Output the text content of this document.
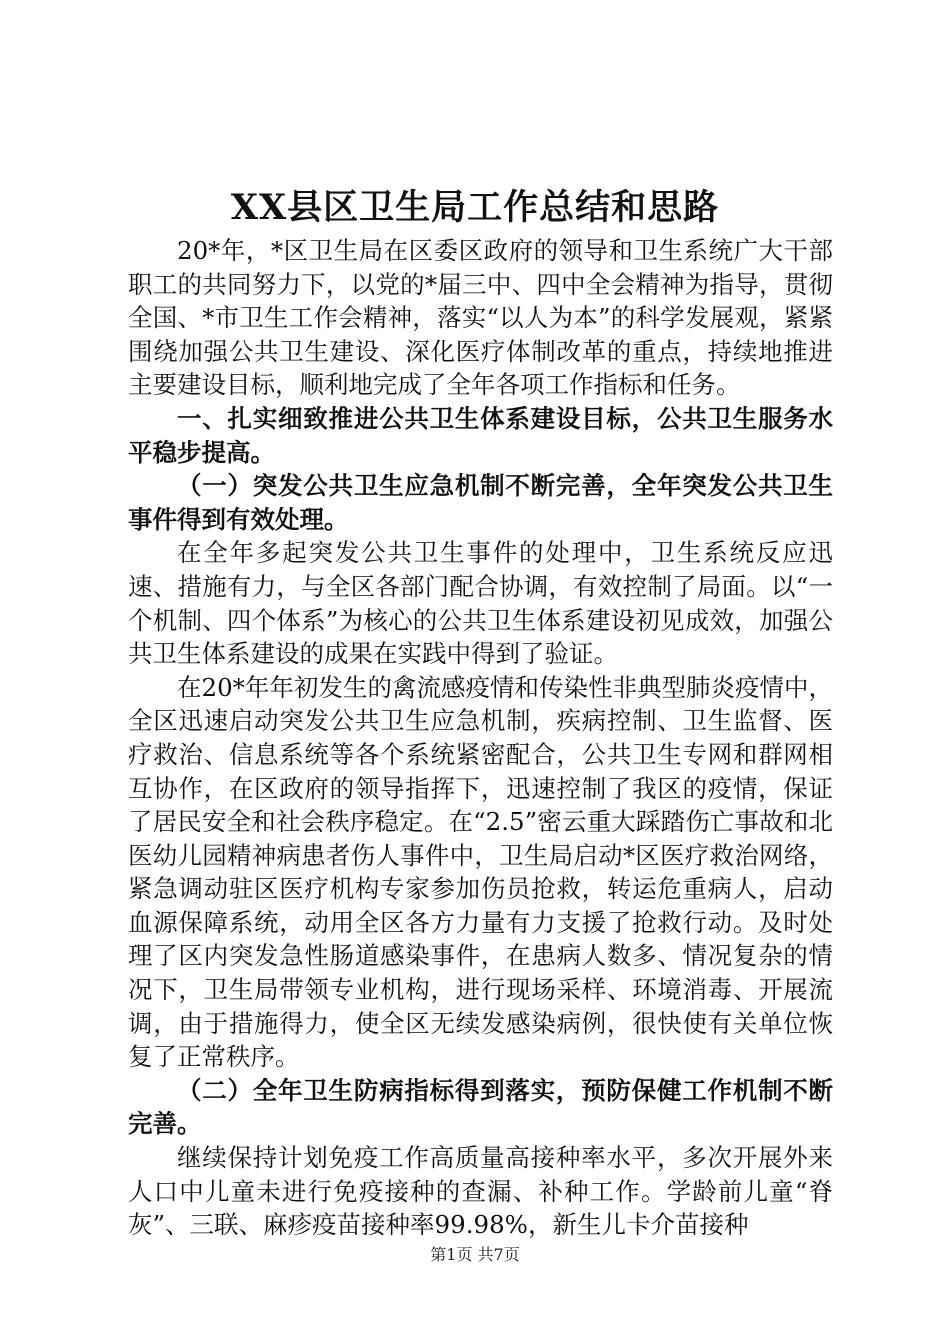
XX县区卫生局工作总结和思路

20*年，*区卫生局在区委区政府的领导和卫生系统广大干部职工的共同努力下，以党的*届三中、四中全会精神为指导，贯彻全国、*市卫生工作会精神，落实“以人为本”的科学发展观，紧紧围绕加强公共卫生建设、深化医疗体制改革的重点，持续地推进主要建设目标，顺利地完成了全年各项工作指标和任务。

一、扎实细致推进公共卫生体系建设目标，公共卫生服务水平稳步提高。

（一）突发公共卫生应急机制不断完善，全年突发公共卫生事件得到有效处理。

在全年多起突发公共卫生事件的处理中，卫生系统反应迅速、措施有力，与全区各部门配合协调，有效控制了局面。以“一个机制、四个体系”为核心的公共卫生体系建设初见成效，加强公共卫生体系建设的成果在实践中得到了验证。

在20*年年初发生的禽流感疫情和传染性非典型肺炎疫情中，全区迅速启动突发公共卫生应急机制，疾病控制、卫生监督、医疗救治、信息系统等各个系统紧密配合，公共卫生专网和群网相互协作，在区政府的领导指挥下，迅速控制了我区的疫情，保证了居民安全和社会秩序稳定。在“2.5”密云重大踩踏伤亡事故和北医幼儿园精神病患者伤人事件中，卫生局启动*区医疗救治网络，紧急调动驻区医疗机构专家参加伤员抢救，转运危重病人，启动血源保障系统，动用全区各方力量有力支援了抢救行动。及时处理了区内突发急性肠道感染事件，在患病人数多、情况复杂的情况下，卫生局带领专业机构，进行现场采样、环境消毒、开展流调，由于措施得力，使全区无续发感染病例，很快使有关单位恢复了正常秩序。

（二）全年卫生防病指标得到落实，预防保健工作机制不断完善。

继续保持计划免疫工作高质量高接种率水平，多次开展外来人口中儿童未进行免疫接种的查漏、补种工作。学龄前儿童“脊灰”、三联、麻疹疫苗接种率99.98%，新生儿卡介苗接种

第1页 共7页
